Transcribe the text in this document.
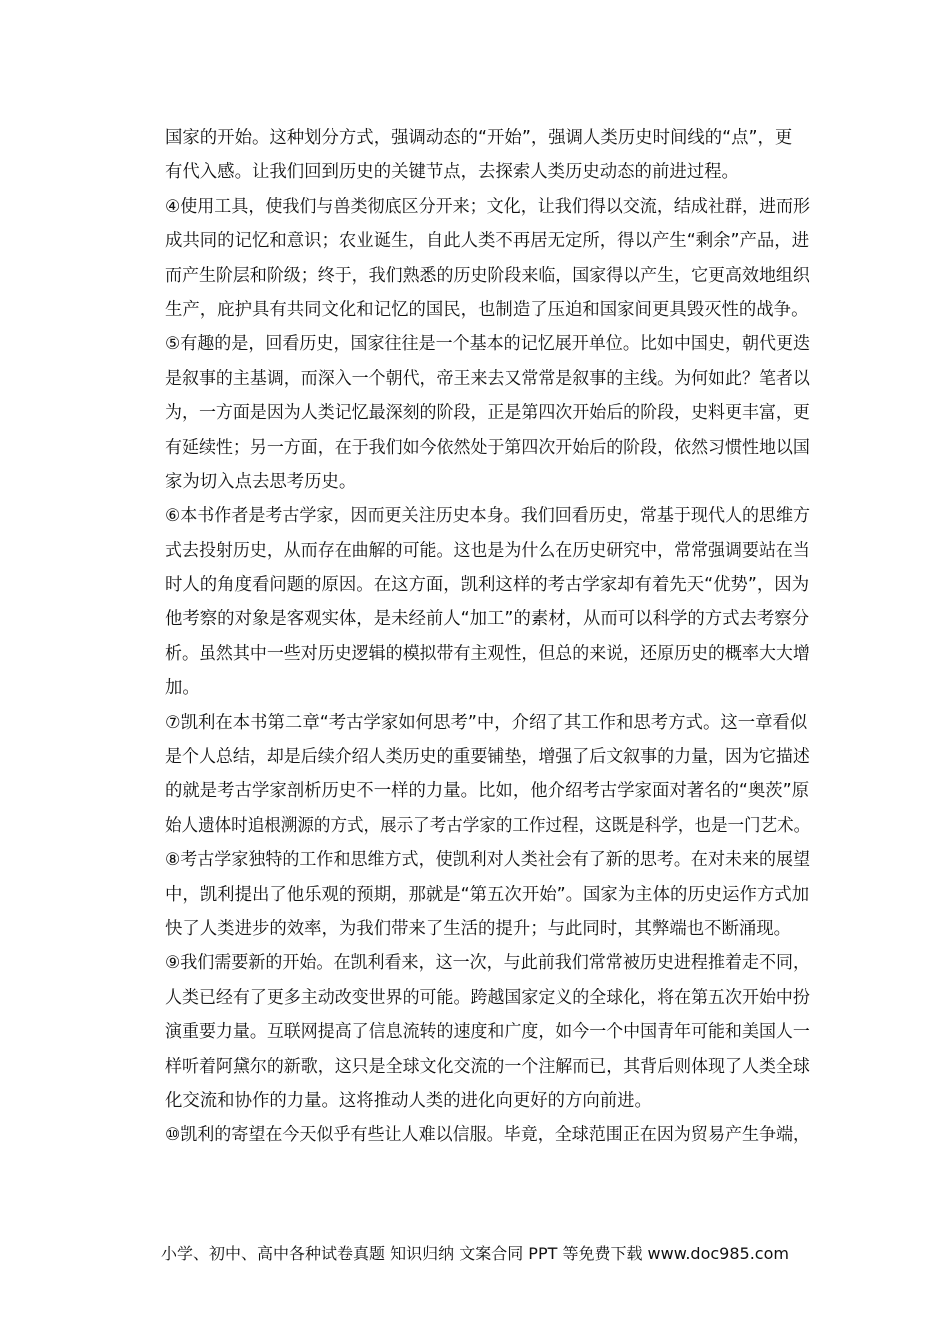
国家的开始。这种划分方式，强调动态的“开始”，强调人类历史时间线的“点”，更
有代入感。让我们回到历史的关键节点，去探索人类历史动态的前进过程。
④使用工具，使我们与兽类彻底区分开来；文化，让我们得以交流，结成社群，进而形
成共同的记忆和意识；农业诞生，自此人类不再居无定所，得以产生“剩余”产品，进
而产生阶层和阶级；终于，我们熟悉的历史阶段来临，国家得以产生，它更高效地组织
生产，庇护具有共同文化和记忆的国民，也制造了压迫和国家间更具毁灭性的战争。
⑤有趣的是，回看历史，国家往往是一个基本的记忆展开单位。比如中国史，朝代更迭
是叙事的主基调，而深入一个朝代，帝王来去又常常是叙事的主线。为何如此？笔者以
为，一方面是因为人类记忆最深刻的阶段，正是第四次开始后的阶段，史料更丰富，更
有延续性；另一方面，在于我们如今依然处于第四次开始后的阶段，依然习惯性地以国
家为切入点去思考历史。
⑥本书作者是考古学家，因而更关注历史本身。我们回看历史，常基于现代人的思维方
式去投射历史，从而存在曲解的可能。这也是为什么在历史研究中，常常强调要站在当
时人的角度看问题的原因。在这方面，凯利这样的考古学家却有着先天“优势”，因为
他考察的对象是客观实体，是未经前人“加工”的素材，从而可以科学的方式去考察分
析。虽然其中一些对历史逻辑的模拟带有主观性，但总的来说，还原历史的概率大大增
加。
⑦凯利在本书第二章“考古学家如何思考”中，介绍了其工作和思考方式。这一章看似
是个人总结，却是后续介绍人类历史的重要铺垫，增强了后文叙事的力量，因为它描述
的就是考古学家剖析历史不一样的力量。比如，他介绍考古学家面对著名的“奥茨”原
始人遗体时追根溯源的方式，展示了考古学家的工作过程，这既是科学，也是一门艺术。
⑧考古学家独特的工作和思维方式，使凯利对人类社会有了新的思考。在对未来的展望
中，凯利提出了他乐观的预期，那就是“第五次开始”。国家为主体的历史运作方式加
快了人类进步的效率，为我们带来了生活的提升；与此同时，其弊端也不断涌现。
⑨我们需要新的开始。在凯利看来，这一次，与此前我们常常被历史进程推着走不同，
人类已经有了更多主动改变世界的可能。跨越国家定义的全球化，将在第五次开始中扮
演重要力量。互联网提高了信息流转的速度和广度，如今一个中国青年可能和美国人一
样听着阿黛尔的新歌，这只是全球文化交流的一个注解而已，其背后则体现了人类全球
化交流和协作的力量。这将推动人类的进化向更好的方向前进。
⑩凯利的寄望在今天似乎有些让人难以信服。毕竟，全球范围正在因为贸易产生争端，
小学、初中、高中各种试卷真题 知识归纳 文案合同 PPT 等免费下载 www.doc985.com
